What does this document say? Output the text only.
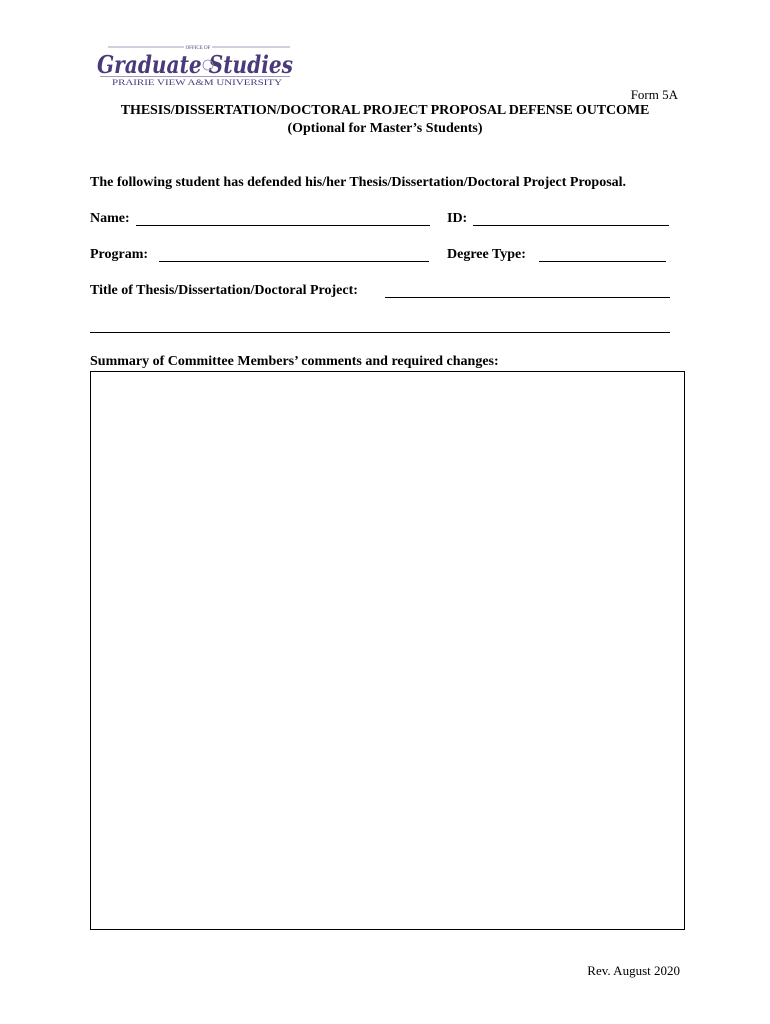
OFFICE OF
Graduate Studies
PRAIRIE VIEW A&M UNIVERSITY
Form 5A
THESIS/DISSERTATION/DOCTORAL PROJECT PROPOSAL DEFENSE OUTCOME
(Optional for Master’s Students)
The following student has defended his/her Thesis/Dissertation/Doctoral Project Proposal.
Name:	ID:
Program:	Degree Type:
Title of Thesis/Dissertation/Doctoral Project:
Summary of Committee Members’ comments and required changes:
Rev. August 2020
